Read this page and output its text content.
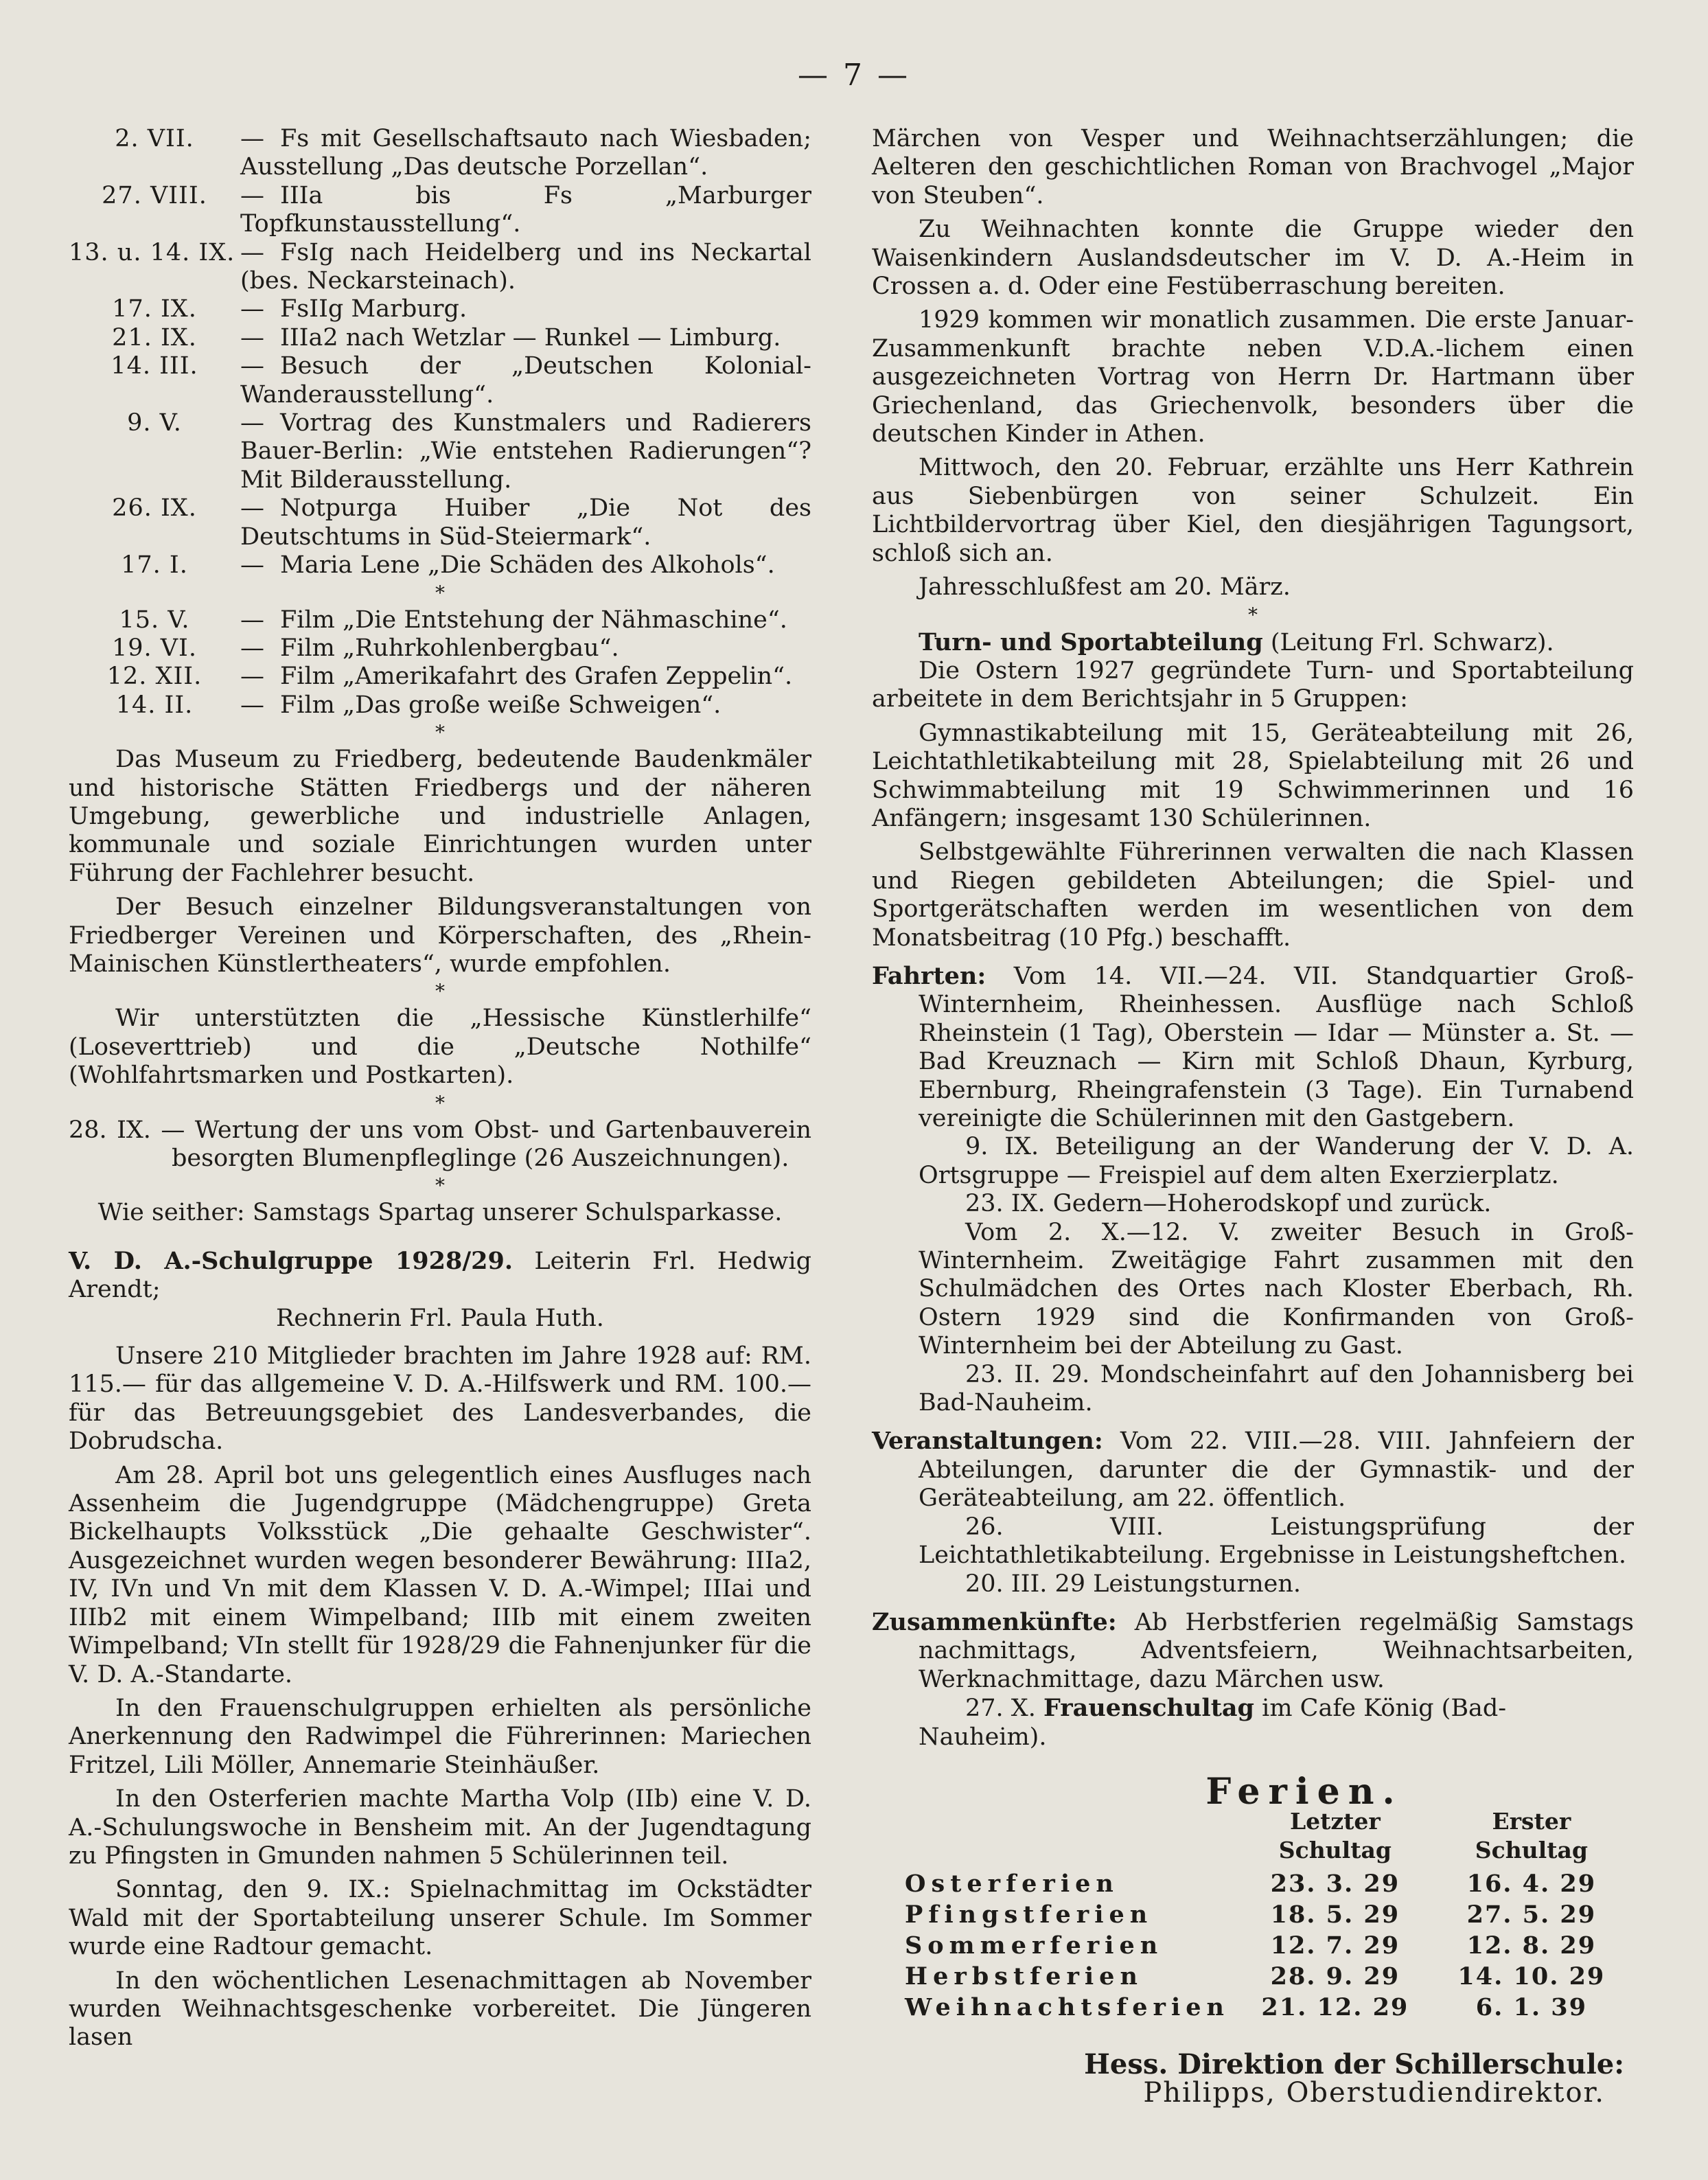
— 7 —
2. VII.	— Fs mit Gesellschaftsauto nach Wiesbaden; Ausstellung „Das deutsche Porzellan“.
27. VIII.	— IIIa bis Fs „Marburger Topfkunstausstellung“.
13. u. 14. IX. — FsIg nach Heidelberg und ins Neckartal (bes. Neckarsteinach).
17. IX.	— FsIIg Marburg.
21. IX.	— IIIa2 nach Wetzlar — Runkel — Limburg.
14. III.	— Besuch der „Deutschen Kolonial-Wanderausstellung“.
9. V.	— Vortrag des Kunstmalers und Radierers Bauer-Berlin: „Wie entstehen Radierungen“? Mit Bilderausstellung.
26. IX.	— Notpurga Huiber „Die Not des Deutschtums in Süd-Steiermark“.
17. I.	— Maria Lene „Die Schäden des Alkohols“.
*
15. V.	— Film „Die Entstehung der Nähmaschine“.
19. VI.	— Film „Ruhrkohlenbergbau“.
12. XII.	— Film „Amerikafahrt des Grafen Zeppelin“.
14. II.	— Film „Das große weiße Schweigen“.
*

Das Museum zu Friedberg, bedeutende Baudenkmäler und historische Stätten Friedbergs und der näheren Umgebung, gewerbliche und industrielle Anlagen, kommunale und soziale Einrichtungen wurden unter Führung der Fachlehrer besucht.

Der Besuch einzelner Bildungsveranstaltungen von Friedberger Vereinen und Körperschaften, des „Rhein-Mainischen Künstlertheaters“, wurde empfohlen.

*

Wir unterstützten die „Hessische Künstlerhilfe“ (Loseverttrieb) und die „Deutsche Nothilfe“ (Wohlfahrtsmarken und Postkarten).

*

28. IX. — Wertung der uns vom Obst- und Gartenbauverein besorgten Blumenpfleglinge (26 Auszeichnungen).

*

Wie seither: Samstags Spartag unserer Schulsparkasse.

V. D. A.-Schulgruppe 1928/29. Leiterin Frl. Hedwig Arendt;

Rechnerin Frl. Paula Huth.

Unsere 210 Mitglieder brachten im Jahre 1928 auf: RM. 115.— für das allgemeine V. D. A.-Hilfswerk und RM. 100.— für das Betreuungsgebiet des Landesverbandes, die Dobrudscha.

Am 28. April bot uns gelegentlich eines Ausfluges nach Assenheim die Jugendgruppe (Mädchengruppe) Greta Bickelhaupts Volksstück „Die gehaalte Geschwister“. Ausgezeichnet wurden wegen besonderer Bewährung: IIIa2, IV, IVn und Vn mit dem Klassen V. D. A.-Wimpel; IIIai und IIIb2 mit einem Wimpelband; IIIb mit einem zweiten Wimpelband; VIn stellt für 1928/29 die Fahnenjunker für die V. D. A.-Standarte.

In den Frauenschulgruppen erhielten als persönliche Anerkennung den Radwimpel die Führerinnen: Mariechen Fritzel, Lili Möller, Annemarie Steinhäußer.

In den Osterferien machte Martha Volp (IIb) eine V. D. A.-Schulungswoche in Bensheim mit. An der Jugendtagung zu Pfingsten in Gmunden nahmen 5 Schülerinnen teil.

Sonntag, den 9. IX.: Spielnachmittag im Ockstädter Wald mit der Sportabteilung unserer Schule. Im Sommer wurde eine Radtour gemacht.

In den wöchentlichen Lesenachmittagen ab November wurden Weihnachtsgeschenke vorbereitet. Die Jüngeren lasen

Märchen von Vesper und Weihnachtserzählungen; die Aelteren den geschichtlichen Roman von Brachvogel „Major von Steuben“.

Zu Weihnachten konnte die Gruppe wieder den Waisenkindern Auslandsdeutscher im V. D. A.-Heim in Crossen a. d. Oder eine Festüberraschung bereiten.

1929 kommen wir monatlich zusammen. Die erste Januar-Zusammenkunft brachte neben V.D.A.-lichem einen ausgezeichneten Vortrag von Herrn Dr. Hartmann über Griechenland, das Griechenvolk, besonders über die deutschen Kinder in Athen.

Mittwoch, den 20. Februar, erzählte uns Herr Kathrein aus Siebenbürgen von seiner Schulzeit. Ein Lichtbildervortrag über Kiel, den diesjährigen Tagungsort, schloß sich an.

Jahresschlußfest am 20. März.

*

Turn- und Sportabteilung (Leitung Frl. Schwarz).

Die Ostern 1927 gegründete Turn- und Sportabteilung arbeitete in dem Berichtsjahr in 5 Gruppen:

Gymnastikabteilung mit 15, Geräteabteilung mit 26, Leichtathletikabteilung mit 28, Spielabteilung mit 26 und Schwimmabteilung mit 19 Schwimmerinnen und 16 Anfängern; insgesamt 130 Schülerinnen.

Selbstgewählte Führerinnen verwalten die nach Klassen und Riegen gebildeten Abteilungen; die Spiel- und Sportgerätschaften werden im wesentlichen von dem Monatsbeitrag (10 Pfg.) beschafft.

Fahrten: Vom 14. VII.—24. VII. Standquartier Groß-Winternheim, Rheinhessen. Ausflüge nach Schloß Rheinstein (1 Tag), Oberstein — Idar — Münster a. St. — Bad Kreuznach — Kirn mit Schloß Dhaun, Kyrburg, Ebernburg, Rheingrafenstein (3 Tage). Ein Turnabend vereinigte die Schülerinnen mit den Gastgebern.

9. IX. Beteiligung an der Wanderung der V. D. A. Ortsgruppe — Freispiel auf dem alten Exerzierplatz.

23. IX. Gedern—Hoherodskopf und zurück.

Vom 2. X.—12. V. zweiter Besuch in Groß-Winternheim. Zweitägige Fahrt zusammen mit den Schulmädchen des Ortes nach Kloster Eberbach, Rh. Ostern 1929 sind die Konfirmanden von Groß-Winternheim bei der Abteilung zu Gast.

23. II. 29. Mondscheinfahrt auf den Johannisberg bei Bad-Nauheim.

Veranstaltungen: Vom 22. VIII.—28. VIII. Jahnfeiern der Abteilungen, darunter die der Gymnastik- und der Geräteabteilung, am 22. öffentlich.

26. VIII. Leistungsprüfung der Leichtathletikabteilung. Ergebnisse in Leistungsheftchen.

20. III. 29 Leistungsturnen.

Zusammenkünfte: Ab Herbstferien regelmäßig Samstags nachmittags, Adventsfeiern, Weihnachtsarbeiten, Werknachmittage, dazu Märchen usw.

27. X. Frauenschultag im Cafe König (Bad-Nauheim).

Ferien.
	Letzter Schultag	Erster Schultag
Osterferien	23. 3. 29	16. 4. 29
Pfingstferien	18. 5. 29	27. 5. 29
Sommerferien	12. 7. 29	12. 8. 29
Herbstferien	28. 9. 29	14. 10. 29
Weihnachtsferien	21. 12. 29	6. 1. 39
Hess. Direktion der Schillerschule:
Philipps, Oberstudiendirektor.
